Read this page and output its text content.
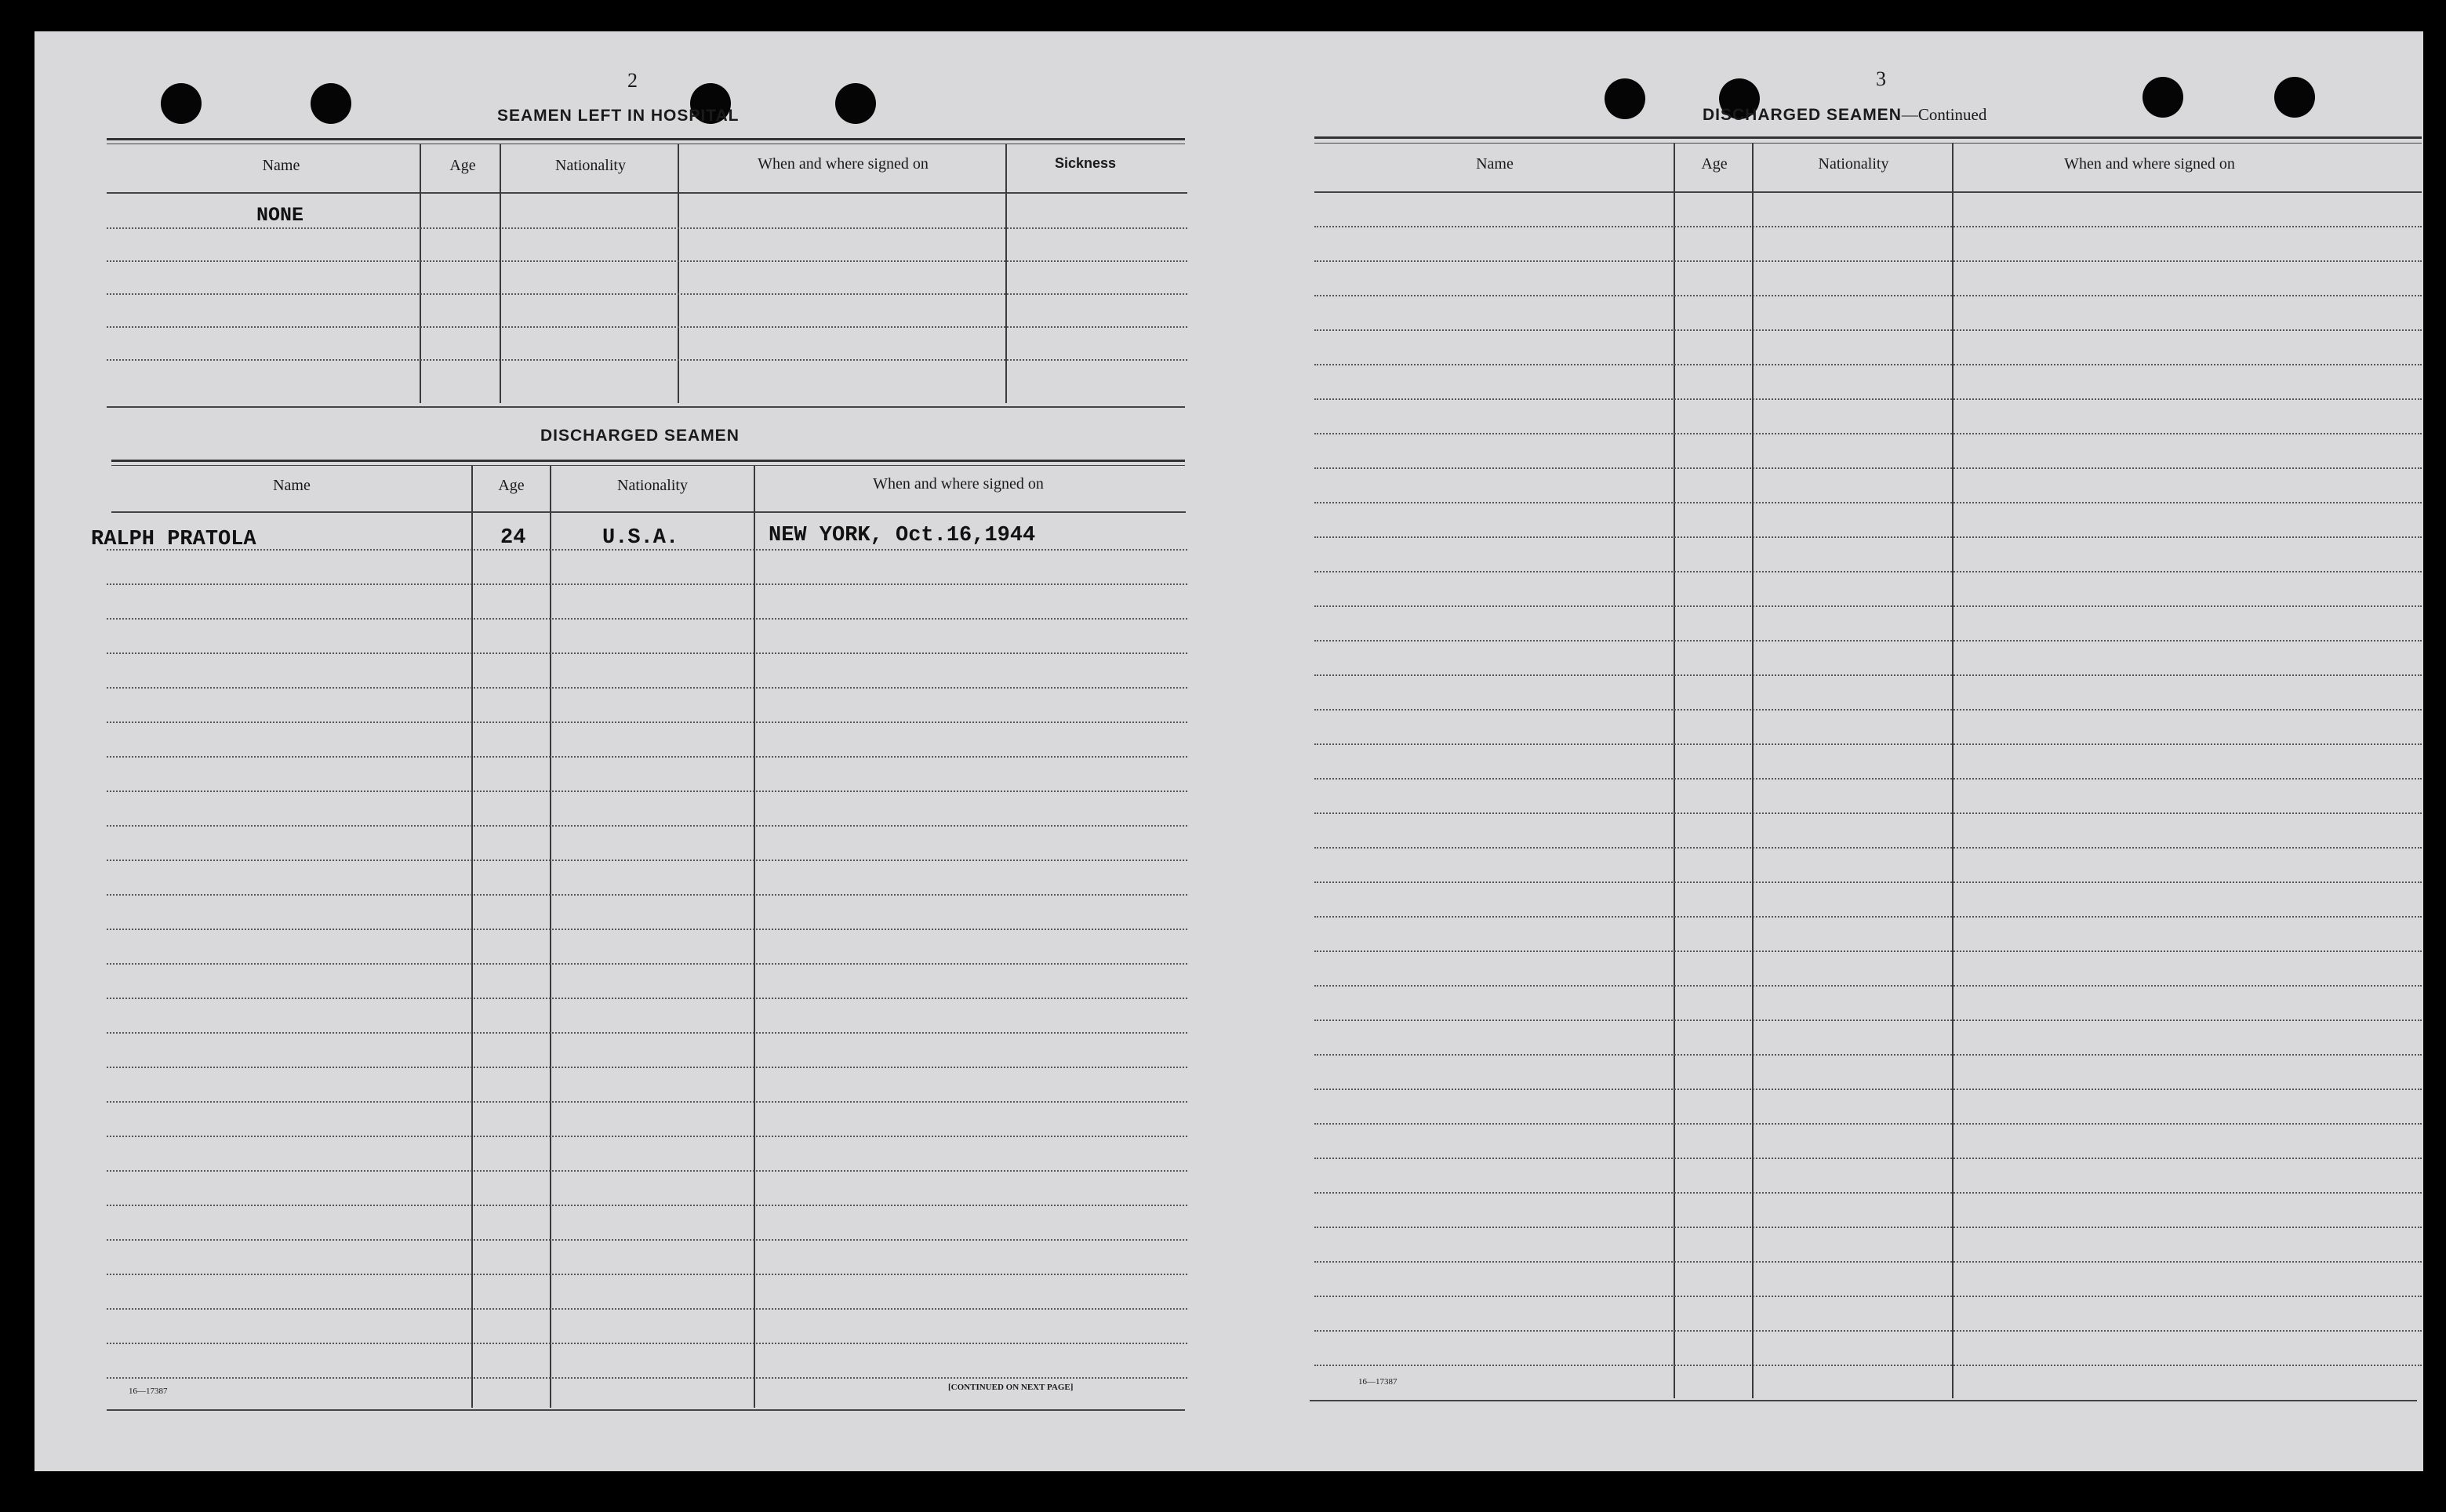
2
SEAMEN LEFT IN HOSPITAL
Name	Age	Nationality	When and where signed on	Sickness
NONE
DISCHARGED SEAMEN
Name	Age	Nationality	When and where signed on
RALPH PRATOLA	24	U.S.A.	NEW YORK, Oct.16,1944
16—17387	[CONTINUED ON NEXT PAGE]
3
DISCHARGED SEAMEN—Continued
Name	Age	Nationality	When and where signed on
16—17387
